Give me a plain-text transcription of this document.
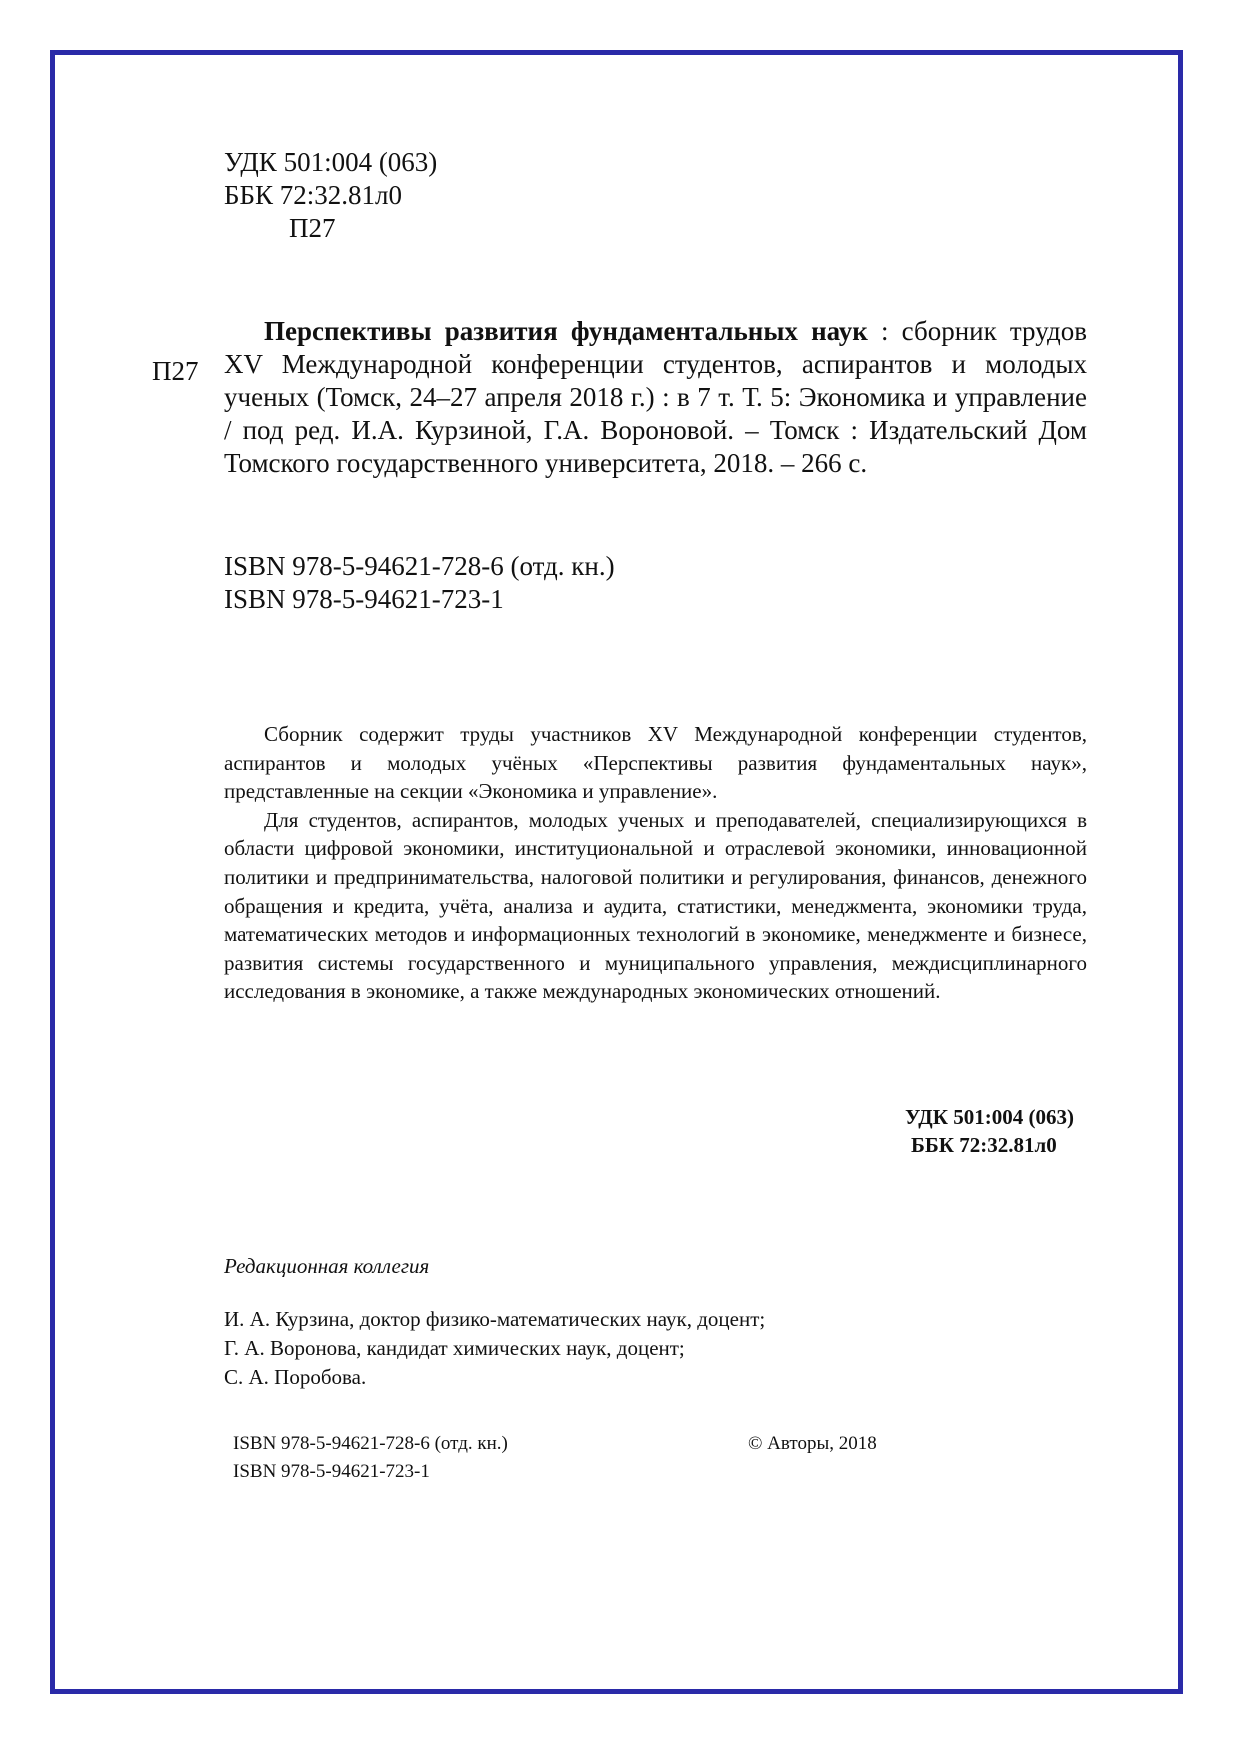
УДК 501:004 (063)
ББК 72:32.81л0
П27
П27
Перспективы развития фундаментальных наук : сборник трудов XV Международной конференции студентов, аспирантов и молодых ученых (Томск, 24–27 апреля 2018 г.) : в 7 т. Т. 5: Экономика и управление / под ред. И.А. Курзиной, Г.А. Вороновой. – Томск : Издательский Дом Томского государственного университета, 2018. – 266 с.
ISBN 978-5-94621-728-6 (отд. кн.)
ISBN 978-5-94621-723-1

Сборник содержит труды участников XV Международной конференции студентов, аспирантов и молодых учёных «Перспективы развития фундаментальных наук», представленные на секции «Экономика и управление».

Для студентов, аспирантов, молодых ученых и преподавателей, специализирующихся в области цифровой экономики, институциональной и отраслевой экономики, инновационной политики и предпринимательства, налоговой политики и регулирования, финансов, денежного обращения и кредита, учёта, анализа и аудита, статистики, менеджмента, экономики труда, математических методов и информационных технологий в экономике, менеджменте и бизнесе, развития системы государственного и муниципального управления, междисциплинарного исследования в экономике, а также международных экономических отношений.

УДК 501:004 (063)
ББК 72:32.81л0
Редакционная коллегия
И. А. Курзина, доктор физико-математических наук, доцент;
Г. А. Воронова, кандидат химических наук, доцент;
С. А. Поробова.
ISBN 978-5-94621-728-6 (отд. кн.)
ISBN 978-5-94621-723-1
© Авторы, 2018
